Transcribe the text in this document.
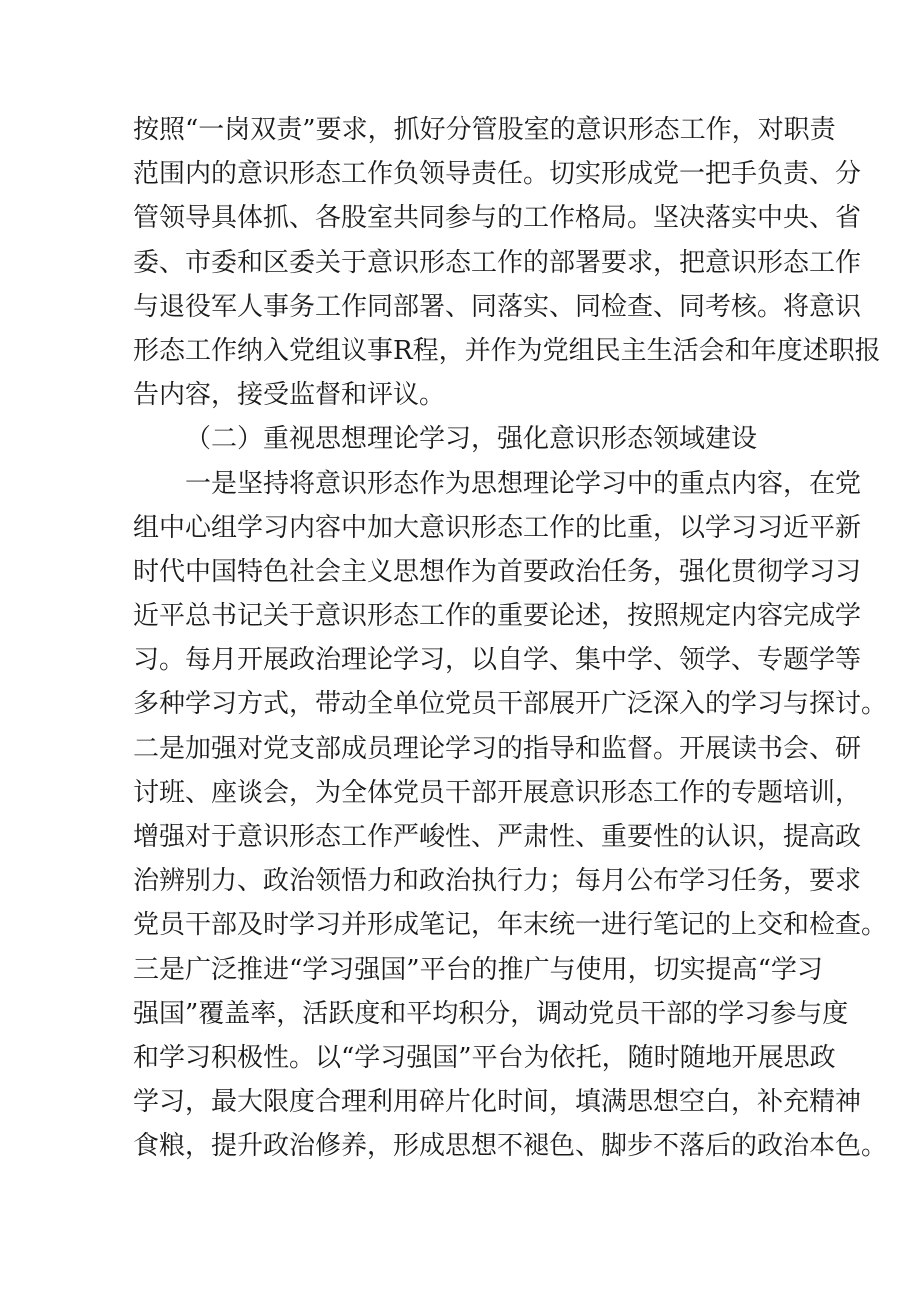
按照“一岗双责”要求，抓好分管股室的意识形态工作，对职责
范围内的意识形态工作负领导责任。切实形成党一把手负责、分
管领导具体抓、各股室共同参与的工作格局。坚决落实中央、省
委、市委和区委关于意识形态工作的部署要求，把意识形态工作
与退役军人事务工作同部署、同落实、同检查、同考核。将意识
形态工作纳入党组议事R程，并作为党组民主生活会和年度述职报
告内容，接受监督和评议。
（二）重视思想理论学习，强化意识形态领域建设
一是坚持将意识形态作为思想理论学习中的重点内容，在党
组中心组学习内容中加大意识形态工作的比重，以学习习近平新
时代中国特色社会主义思想作为首要政治任务，强化贯彻学习习
近平总书记关于意识形态工作的重要论述，按照规定内容完成学
习。每月开展政治理论学习，以自学、集中学、领学、专题学等
多种学习方式，带动全单位党员干部展开广泛深入的学习与探讨。
二是加强对党支部成员理论学习的指导和监督。开展读书会、研
讨班、座谈会，为全体党员干部开展意识形态工作的专题培训，
增强对于意识形态工作严峻性、严肃性、重要性的认识，提高政
治辨别力、政治领悟力和政治执行力；每月公布学习任务，要求
党员干部及时学习并形成笔记，年末统一进行笔记的上交和检查。
三是广泛推进“学习强国”平台的推广与使用，切实提高“学习
强国”覆盖率，活跃度和平均积分，调动党员干部的学习参与度
和学习积极性。以“学习强国”平台为依托，随时随地开展思政
学习，最大限度合理利用碎片化时间，填满思想空白，补充精神
食粮，提升政治修养，形成思想不褪色、脚步不落后的政治本色。
